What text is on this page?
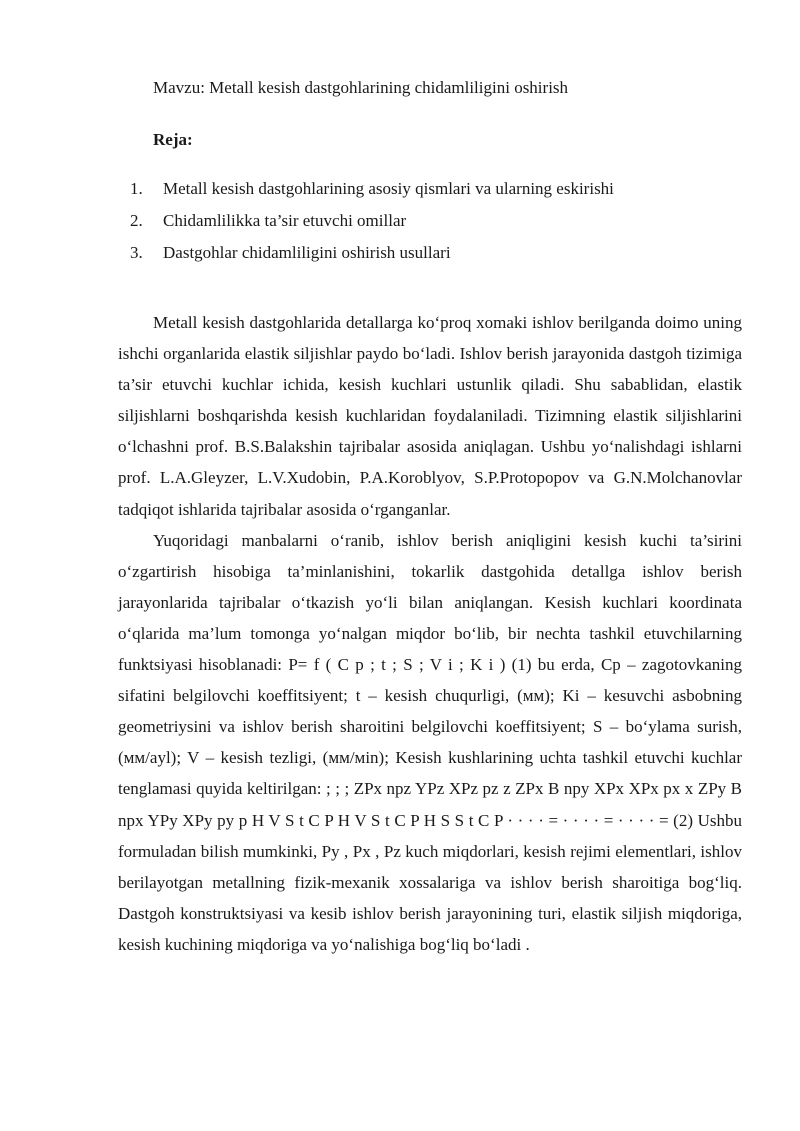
Mavzu: Metall kesish dastgohlarining chidamliligini oshirish
Reja:
1. Metall kesish dastgohlarining asosiy qismlari va ularning eskirishi
2. Chidamlilikka ta’sir etuvchi omillar
3. Dastgohlar chidamliligini oshirish usullari

Metall kesish dastgohlarida detallarga ko‘proq xomaki ishlov berilganda doimo uning ishchi organlarida elastik siljishlar paydo bo‘ladi. Ishlov berish jarayonida dastgoh tizimiga ta’sir etuvchi kuchlar ichida, kesish kuchlari ustunlik qiladi. Shu sabablidan, elastik siljishlarni boshqarishda kesish kuchlaridan foydalaniladi. Tizimning elastik siljishlarini o‘lchashni prof. B.S.Balakshin tajribalar asosida aniqlagan. Ushbu yo‘nalishdagi ishlarni prof. L.A.Gleyzer, L.V.Xudobin, P.A.Koroblyov, S.P.Protopopov va G.N.Molchanovlar tadqiqot ishlarida tajribalar asosida o‘rganganlar.

Yuqoridagi manbalarni o‘ranib, ishlov berish aniqligini kesish kuchi ta’sirini o‘zgartirish hisobiga ta’minlanishini, tokarlik dastgohida detallga ishlov berish jarayonlarida tajribalar o‘tkazish yo‘li bilan aniqlangan. Kesish kuchlari koordinata o‘qlarida ma’lum tomonga yo‘nalgan miqdor bo‘lib, bir nechta tashkil etuvchilarning funktsiyasi hisoblanadi: P= f ( C p ; t ; S ; V i ; K i ) (1) bu erda, Cp – zagotovkaning sifatini belgilovchi koeffitsiyent; t – kesish chuqurligi, (мм); Ki – kesuvchi asbobning geometriysini va ishlov berish sharoitini belgilovchi koeffitsiyent; S – bo‘ylama surish, (мм/ayl); V – kesish tezligi, (мм/мin); Kesish kushlarining uchta tashkil etuvchi kuchlar tenglamasi quyida keltirilgan: ; ; ; ZPx npz YPz XPz pz z ZPx B npy XPx XPx px x ZPy B npx YPy XPy py p H V S t C P H V S t C P H S S t C P · · · · = · · · · = · · · · = (2) Ushbu formuladan bilish mumkinki, Py , Px , Pz kuch miqdorlari, kesish rejimi elementlari, ishlov berilayotgan metallning fizik-mexanik xossalariga va ishlov berish sharoitiga bog‘liq. Dastgoh konstruktsiyasi va kesib ishlov berish jarayonining turi, elastik siljish miqdoriga, kesish kuchining miqdoriga va yo‘nalishiga bog‘liq bo‘ladi .
